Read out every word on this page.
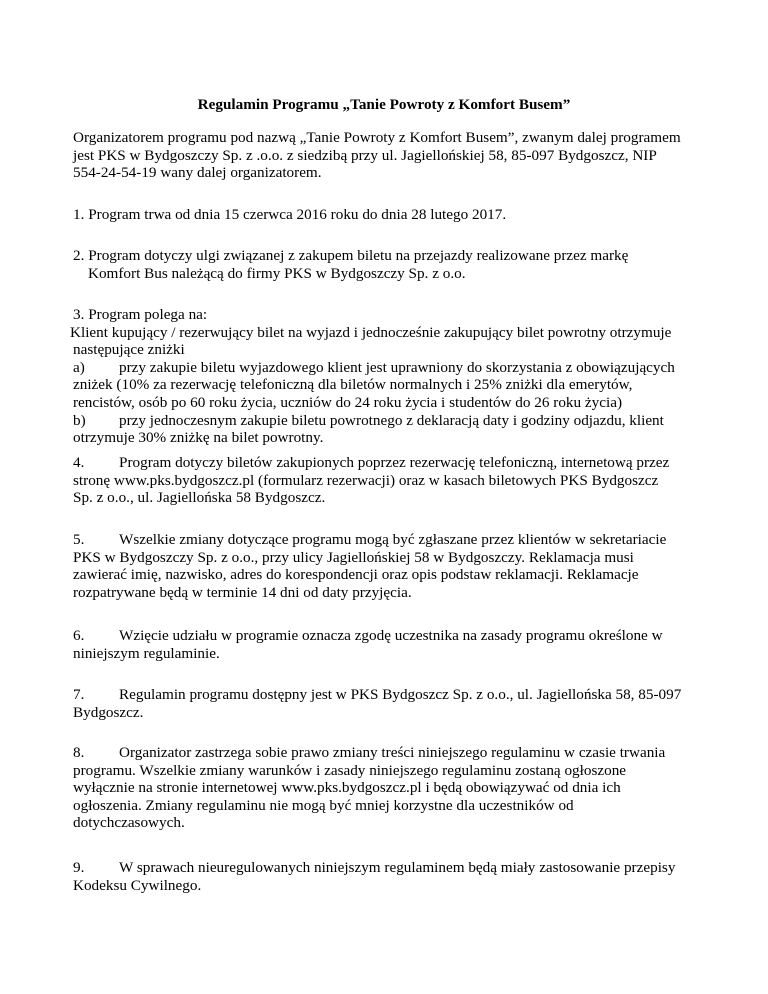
Regulamin Programu „Tanie Powroty z Komfort Busem”
Organizatorem programu pod nazwą „Tanie Powroty z Komfort Busem”, zwanym dalej programem
jest PKS w Bydgoszczy Sp. z .o.o. z siedzibą przy ul. Jagiellońskiej 58, 85-097 Bydgoszcz, NIP
554-24-54-19 wany dalej organizatorem.
1. Program trwa od dnia 15 czerwca 2016 roku do dnia 28 lutego 2017.
2. Program dotyczy ulgi związanej z zakupem biletu na przejazdy realizowane przez markę
Komfort Bus należącą do firmy PKS w Bydgoszczy Sp. z o.o.
3. Program polega na:
Klient kupujący / rezerwujący bilet na wyjazd i jednocześnie zakupujący bilet powrotny otrzymuje
następujące zniżki
a) przy zakupie biletu wyjazdowego klient jest uprawniony do skorzystania z obowiązujących
zniżek (10% za rezerwację telefoniczną dla biletów normalnych i 25% zniżki dla emerytów,
rencistów, osób po 60 roku życia, uczniów do 24 roku życia i studentów do 26 roku życia)
b) przy jednoczesnym zakupie biletu powrotnego z deklaracją daty i godziny odjazdu, klient
otrzymuje 30% zniżkę na bilet powrotny.
4. Program dotyczy biletów zakupionych poprzez rezerwację telefoniczną, internetową przez
stronę www.pks.bydgoszcz.pl (formularz rezerwacji) oraz w kasach biletowych PKS Bydgoszcz
Sp. z o.o., ul. Jagiellońska 58 Bydgoszcz.
5. Wszelkie zmiany dotyczące programu mogą być zgłaszane przez klientów w sekretariacie
PKS w Bydgoszczy Sp. z o.o., przy ulicy Jagiellońskiej 58 w Bydgoszczy. Reklamacja musi
zawierać imię, nazwisko, adres do korespondencji oraz opis podstaw reklamacji. Reklamacje
rozpatrywane będą w terminie 14 dni od daty przyjęcia.
6. Wzięcie udziału w programie oznacza zgodę uczestnika na zasady programu określone w
niniejszym regulaminie.
7. Regulamin programu dostępny jest w PKS Bydgoszcz Sp. z o.o., ul. Jagiellońska 58, 85-097
Bydgoszcz.
8. Organizator zastrzega sobie prawo zmiany treści niniejszego regulaminu w czasie trwania
programu. Wszelkie zmiany warunków i zasady niniejszego regulaminu zostaną ogłoszone
wyłącznie na stronie internetowej www.pks.bydgoszcz.pl i będą obowiązywać od dnia ich
ogłoszenia. Zmiany regulaminu nie mogą być mniej korzystne dla uczestników od
dotychczasowych.
9. W sprawach nieuregulowanych niniejszym regulaminem będą miały zastosowanie przepisy
Kodeksu Cywilnego.
